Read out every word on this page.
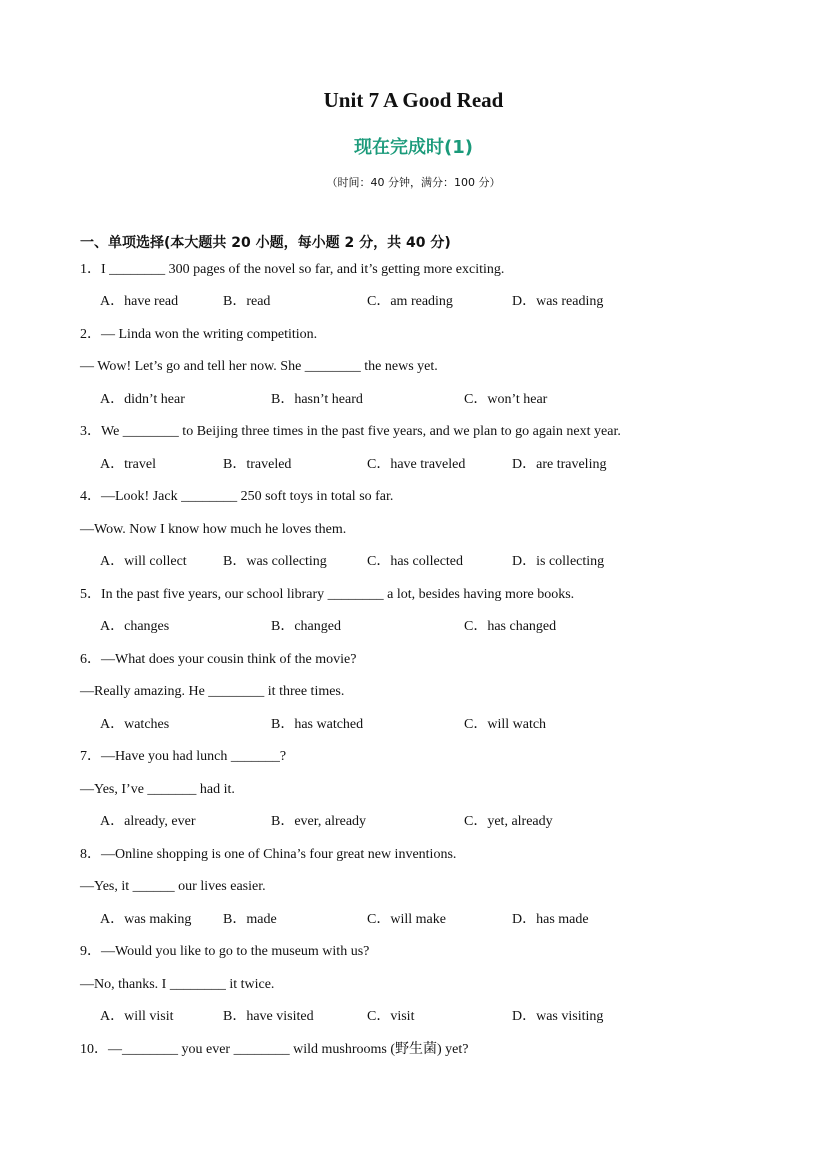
Unit 7 A Good Read
现在完成时(1)
（时间：40 分钟，满分：100 分）
一、单项选择(本大题共 20 小题，每小题 2 分，共 40 分)
1．I ________ 300 pages of the novel so far, and it’s getting more exciting.
A．have read	B．read	C．am reading	D．was reading
2．— Linda won the writing competition.
— Wow! Let’s go and tell her now. She ________ the news yet.
A．didn’t hear	B．hasn’t heard	C．won’t hear
3．We ________ to Beijing three times in the past five years, and we plan to go again next year.
A．travel	B．traveled	C．have traveled	D．are traveling
4．—Look! Jack ________ 250 soft toys in total so far.
—Wow. Now I know how much he loves them.
A．will collect	B．was collecting	C．has collected	D．is collecting
5．In the past five years, our school library ________ a lot, besides having more books.
A．changes	B．changed	C．has changed
6．—What does your cousin think of the movie?
—Really amazing. He ________ it three times.
A．watches	B．has watched	C．will watch
7．—Have you had lunch _______?
—Yes, I’ve _______ had it.
A．already, ever	B．ever, already	C．yet, already
8．—Online shopping is one of China’s four great new inventions.
—Yes, it ______ our lives easier.
A．was making B．made	C．will make	D．has made
9．—Would you like to go to the museum with us?
—No, thanks. I ________ it twice.
A．will visit	B．have visited	C．visit	D．was visiting
10．—________ you ever ________ wild mushrooms (野生菌) yet?
